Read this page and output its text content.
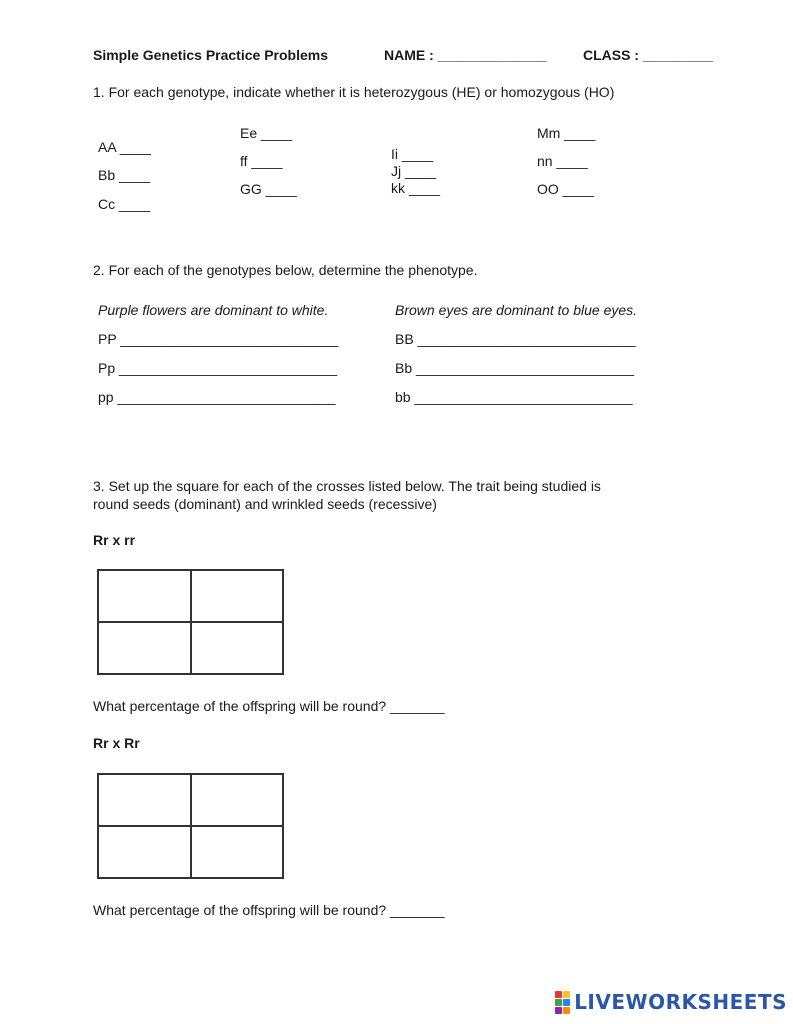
Simple Genetics Practice Problems	NAME : ______________	CLASS : _________
1. For each genotype, indicate whether it is heterozygous (HE) or homozygous (HO)
AA ____
Bb ____
Cc ____
Ee ____
ff ____
GG ____
Ii ____
Jj ____
kk ____
Mm ____
nn ____
OO ____
2. For each of the genotypes below, determine the phenotype.
Purple flowers are dominant to white.	Brown eyes are dominant to blue eyes.
PP ____________________________
Pp ____________________________
pp ____________________________
BB ____________________________
Bb ____________________________
bb ____________________________
3. Set up the square for each of the crosses listed below. The trait being studied is
round seeds (dominant) and wrinkled seeds (recessive)
Rr x rr
What percentage of the offspring will be round? _______
Rr x Rr
What percentage of the offspring will be round? _______
LIVEWORKSHEETS
